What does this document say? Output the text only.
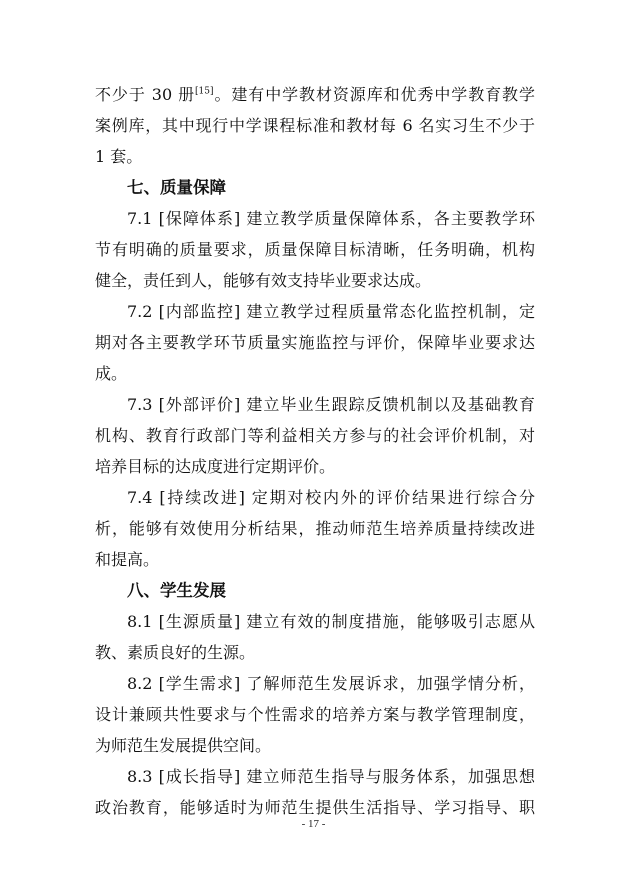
不少于 30 册[15]。建有中学教材资源库和优秀中学教育教学
案例库，其中现行中学课程标准和教材每 6 名实习生不少于
1 套。
七、质量保障
7.1 [保障体系] 建立教学质量保障体系，各主要教学环
节有明确的质量要求，质量保障目标清晰，任务明确，机构
健全，责任到人，能够有效支持毕业要求达成。
7.2 [内部监控] 建立教学过程质量常态化监控机制，定
期对各主要教学环节质量实施监控与评价，保障毕业要求达
成。
7.3 [外部评价] 建立毕业生跟踪反馈机制以及基础教育
机构、教育行政部门等利益相关方参与的社会评价机制，对
培养目标的达成度进行定期评价。
7.4 [持续改进] 定期对校内外的评价结果进行综合分
析，能够有效使用分析结果，推动师范生培养质量持续改进
和提高。
八、学生发展
8.1 [生源质量] 建立有效的制度措施，能够吸引志愿从
教、素质良好的生源。
8.2 [学生需求] 了解师范生发展诉求，加强学情分析，
设计兼顾共性要求与个性需求的培养方案与教学管理制度，
为师范生发展提供空间。
8.3 [成长指导] 建立师范生指导与服务体系，加强思想
政治教育，能够适时为师范生提供生活指导、学习指导、职
- 17 -
